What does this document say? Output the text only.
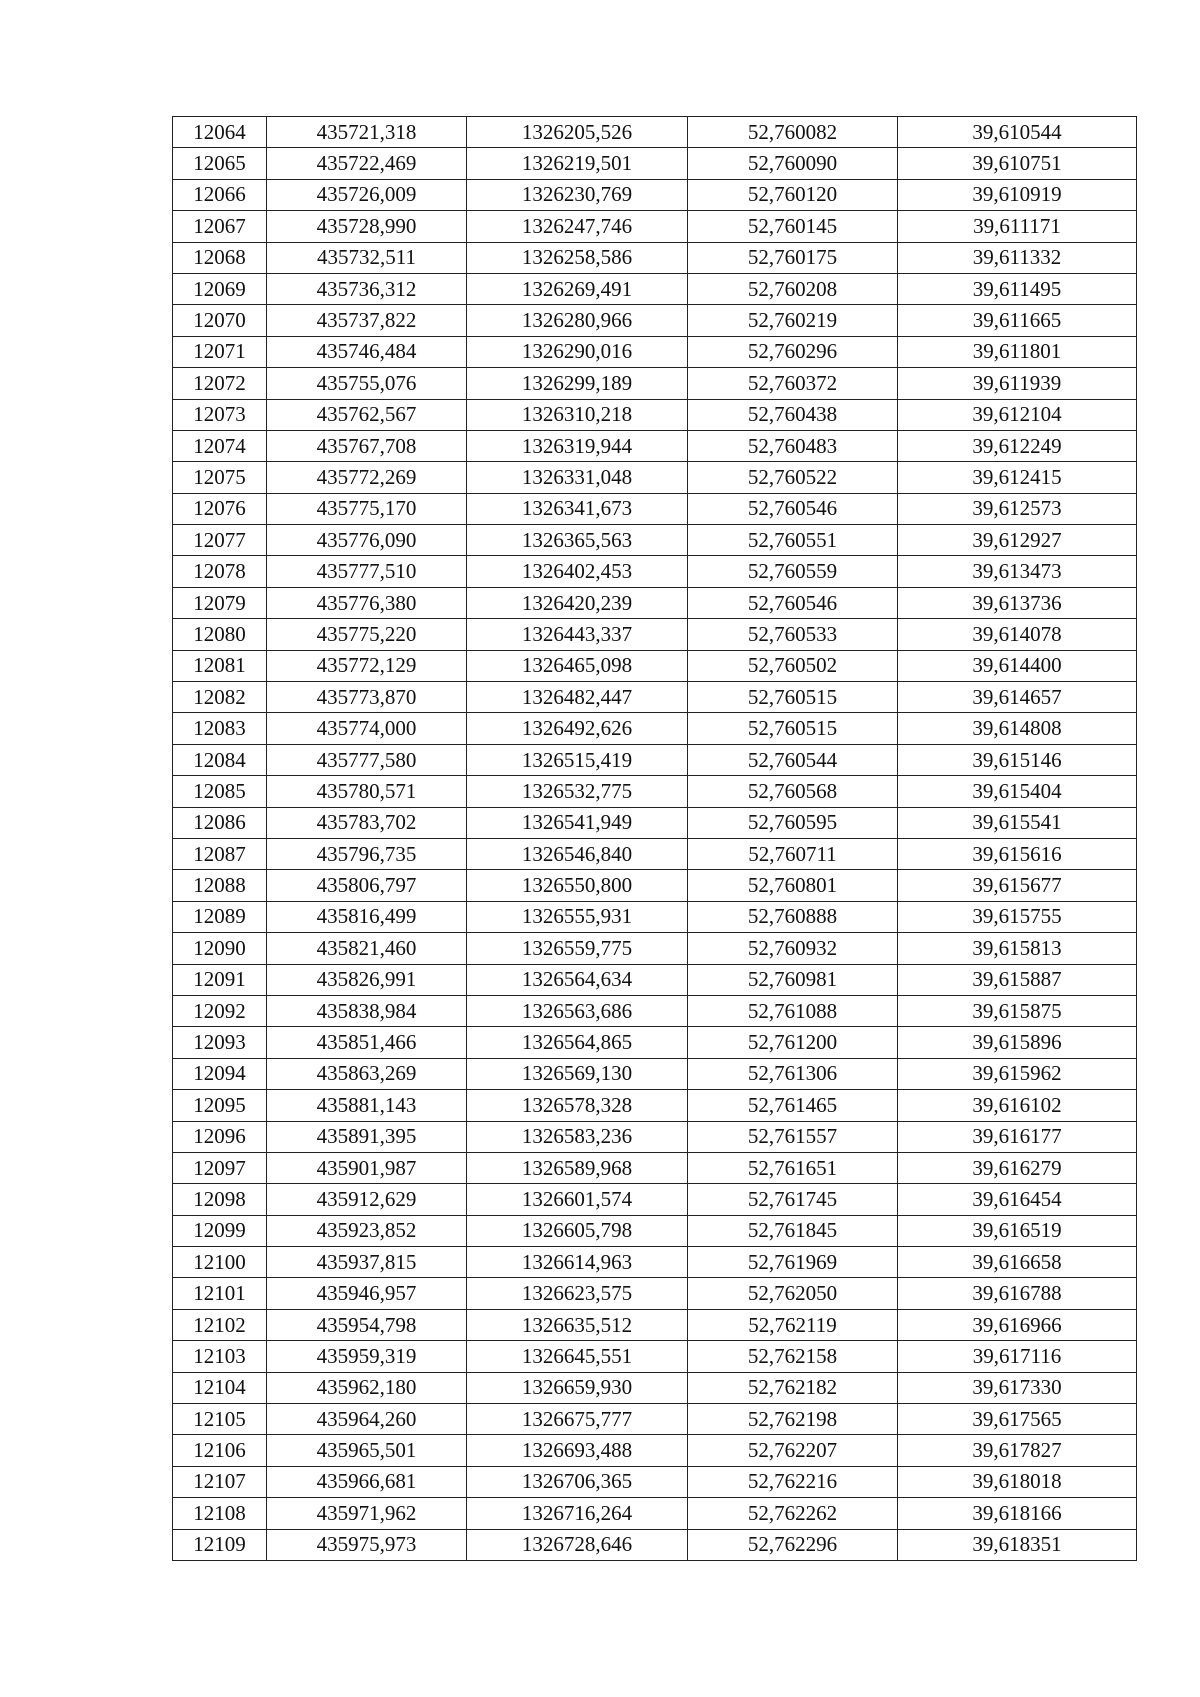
12064	435721,318	1326205,526	52,760082	39,610544
12065	435722,469	1326219,501	52,760090	39,610751
12066	435726,009	1326230,769	52,760120	39,610919
12067	435728,990	1326247,746	52,760145	39,611171
12068	435732,511	1326258,586	52,760175	39,611332
12069	435736,312	1326269,491	52,760208	39,611495
12070	435737,822	1326280,966	52,760219	39,611665
12071	435746,484	1326290,016	52,760296	39,611801
12072	435755,076	1326299,189	52,760372	39,611939
12073	435762,567	1326310,218	52,760438	39,612104
12074	435767,708	1326319,944	52,760483	39,612249
12075	435772,269	1326331,048	52,760522	39,612415
12076	435775,170	1326341,673	52,760546	39,612573
12077	435776,090	1326365,563	52,760551	39,612927
12078	435777,510	1326402,453	52,760559	39,613473
12079	435776,380	1326420,239	52,760546	39,613736
12080	435775,220	1326443,337	52,760533	39,614078
12081	435772,129	1326465,098	52,760502	39,614400
12082	435773,870	1326482,447	52,760515	39,614657
12083	435774,000	1326492,626	52,760515	39,614808
12084	435777,580	1326515,419	52,760544	39,615146
12085	435780,571	1326532,775	52,760568	39,615404
12086	435783,702	1326541,949	52,760595	39,615541
12087	435796,735	1326546,840	52,760711	39,615616
12088	435806,797	1326550,800	52,760801	39,615677
12089	435816,499	1326555,931	52,760888	39,615755
12090	435821,460	1326559,775	52,760932	39,615813
12091	435826,991	1326564,634	52,760981	39,615887
12092	435838,984	1326563,686	52,761088	39,615875
12093	435851,466	1326564,865	52,761200	39,615896
12094	435863,269	1326569,130	52,761306	39,615962
12095	435881,143	1326578,328	52,761465	39,616102
12096	435891,395	1326583,236	52,761557	39,616177
12097	435901,987	1326589,968	52,761651	39,616279
12098	435912,629	1326601,574	52,761745	39,616454
12099	435923,852	1326605,798	52,761845	39,616519
12100	435937,815	1326614,963	52,761969	39,616658
12101	435946,957	1326623,575	52,762050	39,616788
12102	435954,798	1326635,512	52,762119	39,616966
12103	435959,319	1326645,551	52,762158	39,617116
12104	435962,180	1326659,930	52,762182	39,617330
12105	435964,260	1326675,777	52,762198	39,617565
12106	435965,501	1326693,488	52,762207	39,617827
12107	435966,681	1326706,365	52,762216	39,618018
12108	435971,962	1326716,264	52,762262	39,618166
12109	435975,973	1326728,646	52,762296	39,618351
